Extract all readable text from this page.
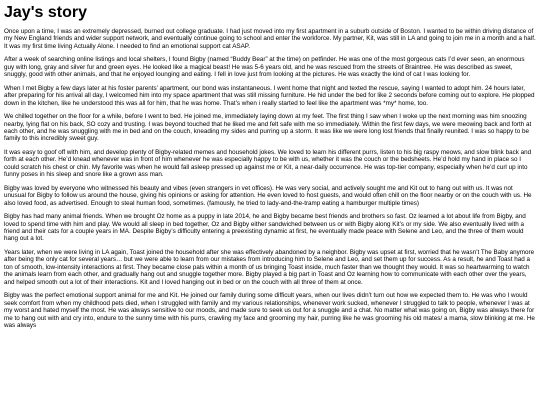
Jay's story

Once upon a time, I was an extremely depressed, burned out college graduate. I had just moved into my first apartment in a suburb outside of Boston. I wanted to be within driving distance of my New England friends and wider support network, and eventually continue going to school and enter the workforce. My partner, Kit, was still in LA and going to join me in a month and a half. It was my first time living Actually Alone. I needed to find an emotional support cat ASAP.

After a week of searching online listings and local shelters, I found Bigby (named “Buddy Bear” at the time) on petfinder. He was one of the most gorgeous cats I’d ever seen, an enormous guy with long, gray and silver fur and green eyes. He looked like a magical beast! He was 5-6 years old, and he was rescued from the streets of Braintree. He was described as sweet, snuggly, good with other animals, and that he enjoyed lounging and eating. I fell in love just from looking at the pictures. He was exactly the kind of cat I was looking for.

When I met Bigby a few days later at his foster parents’ apartment, our bond was instantaneous. I went home that night and texted the rescue, saying I wanted to adopt him. 24 hours later, after preparing for his arrival all day, I welcomed him into my space apartment that was still missing furniture. He hid under the bed for like 2 seconds before coming out to explore. He plopped down in the kitchen, like he understood this was all for him, that he was home. That’s when i really started to feel like the apartment was *my* home, too.

We chilled together on the floor for a while, before I went to bed. He joined me, immediately laying down at my feet. The first thing I saw when I woke up the next morning was him snoozing nearby, lying flat on his back, SO cozy and trusting. I was beyond touched that he liked me and felt safe with me so immediately. Within the first few days, we were meowing back and forth at each other, and he was snuggling with me in bed and on the couch, kneading my sides and purring up a storm. It was like we were long lost friends that finally reunited. I was so happy to be family to this incredibly sweet guy.

It was easy to goof off with him, and develop plenty of Bigby-related memes and household jokes. We loved to learn his different purrs, listen to his big raspy meows, and slow blink back and forth at each other. He’d knead whenever was in front of him whenever he was especially happy to be with us, whether it was the couch or the bedsheets. He’d hold my hand in place so I could scratch his chest or chin. My favorite was when he would fall asleep pressed up against me or Kit, a near-daily occurrence. He was top-tier company, especially when he’d curl up into funny poses in his sleep and snore like a grown ass man.

Bigby was loved by everyone who witnessed his beauty and vibes (even strangers in vet offices). He was very social, and actively sought me and Kit out to hang out with us. It was not unusual for Bigby to follow us around the house, giving his opinions or asking for attention. He even loved to host guests, and would often chill on the floor nearby or on the couch with us. He also loved food, as advertised. Enough to steal human food, sometimes. (famously, he tried to lady-and-the-tramp eating a hamburger multiple times)

Bigby has had many animal friends. When we brought Oz home as a puppy in late 2014, he and Bigby became best friends and brothers so fast. Oz learned a lot about life from Bigby, and loved to spend time with him and play. We would all sleep in bed together, Oz and Bigby either sandwiched between us or with Bigby along Kit’s or my side. We also eventually lived with a friend and their cats for a couple years in MA. Despite Bigby’s difficulty entering a preexisting dynamic at first, he eventually made peace with Selene and Leo, and the three of them would hang out a lot.

Years later, when we were living in LA again, Toast joined the household after she was effectively abandoned by a neighbor. Bigby was upset at first, worried that he wasn’t The Baby anymore after being the only cat for several years… but we were able to learn from our mistakes from introducing him to Selene and Leo, and set them up for success. As a result, he and Toast had a ton of smooth, low-intensity interactions at first. They became close pals within a month of us bringing Toast inside, much faster than we thought they would. It was so heartwarming to watch the animals learn from each other, and gradually hang out and snuggle together more. Bigby played a big part in Toast and Oz learning how to communicate with each other over the years, and helped smooth out a lot of their interactions. Kit and I loved hanging out in bed or on the couch with all three of them at once.

Bigby was the perfect emotional support animal for me and Kit. He joined our family during some difficult years, when our lives didn’t turn out how we expected them to. He was who I would seek comfort from when my childhood pets died, when I struggled with family and my various relationships, whenever work sucked, whenever I struggled to talk to people, whenever I was at my worst and hated myself the most. He was always sensitive to our moods, and made sure to seek us out for a snuggle and a chat. No matter what was going on, Bigby was always there for me to hang out with and cry into, endure to the sunny time with his purrs, crawling my face and grooming my hair, purring like he was grooming his old mates/ a mama, slow blinking at me. He was always
